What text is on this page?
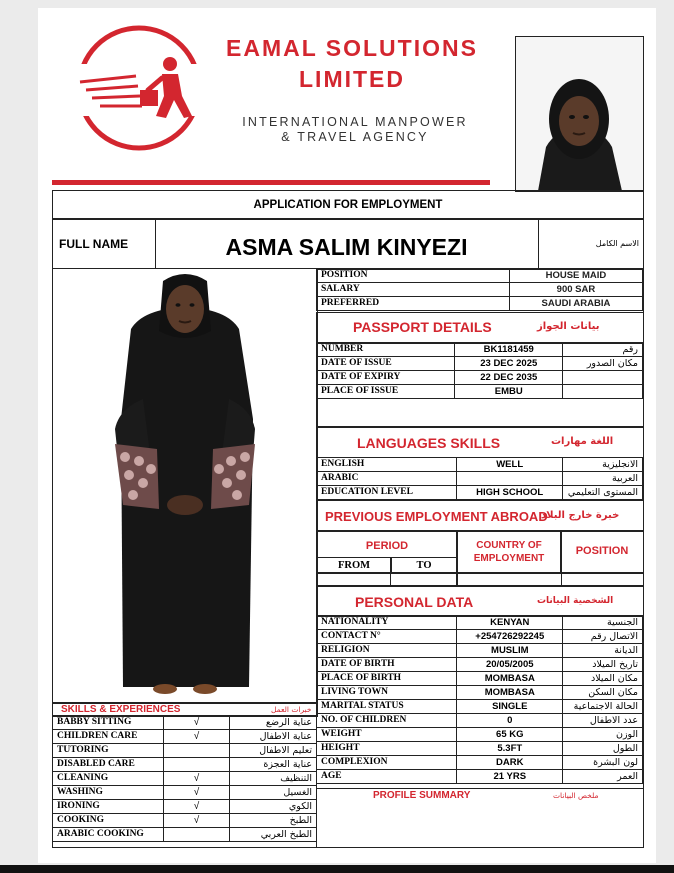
EAMAL SOLUTIONS
LIMITED
INTERNATIONAL MANPOWER
& TRAVEL AGENCY
APPLICATION FOR EMPLOYMENT
FULL NAME	ASMA SALIM KINYEZI	الاسم الكامل
POSITION	HOUSE MAID
SALARY	900 SAR
PREFERRED	SAUDI ARABIA
PASSPORT DETAILS	بيانات الجواز
NUMBER	BK1181459	رقم
DATE OF ISSUE	23 DEC 2025	مكان الصدور
DATE OF EXPIRY	22 DEC 2035	
PLACE OF ISSUE	EMBU	
LANGUAGES SKILLS	اللغة مهارات
ENGLISH	WELL	الانجليزية
ARABIC		العربية
EDUCATION LEVEL	HIGH SCHOOL	المستوى التعليمي
PREVIOUS EMPLOYMENT ABROAD
خبرة خارج البلاد
PERIOD
FROM	TO
COUNTRY OF EMPLOYMENT
POSITION
PERSONAL DATA	الشخصية البيانات
NATIONALITY	KENYAN	الجنسية
CONTACT N°	+254726292245	الاتصال رقم
RELIGION	MUSLIM	الديانة
DATE OF BIRTH	20/05/2005	تاريخ الميلاد
PLACE OF BIRTH	MOMBASA	مكان الميلاد
LIVING TOWN	MOMBASA	مكان السكن
MARITAL STATUS	SINGLE	الحالة الاجتماعية
NO. OF CHILDREN	0	عدد الاطفال
WEIGHT	65 KG	الوزن
HEIGHT	5.3FT	الطول
COMPLEXION	DARK	لون البشرة
AGE	21 YRS	العمر
PROFILE SUMMARY	ملخص البيانات
SKILLS & EXPERIENCES	خبرات العمل
BABBY SITTING	√	عناية الرضع
CHILDREN CARE	√	عناية الاطفال
TUTORING		تعليم الاطفال
DISABLED CARE		عناية العجزة
CLEANING	√	التنظيف
WASHING	√	الغسيل
IRONING	√	الكوي
COOKING	√	الطبخ
ARABIC COOKING		الطبخ العربي
